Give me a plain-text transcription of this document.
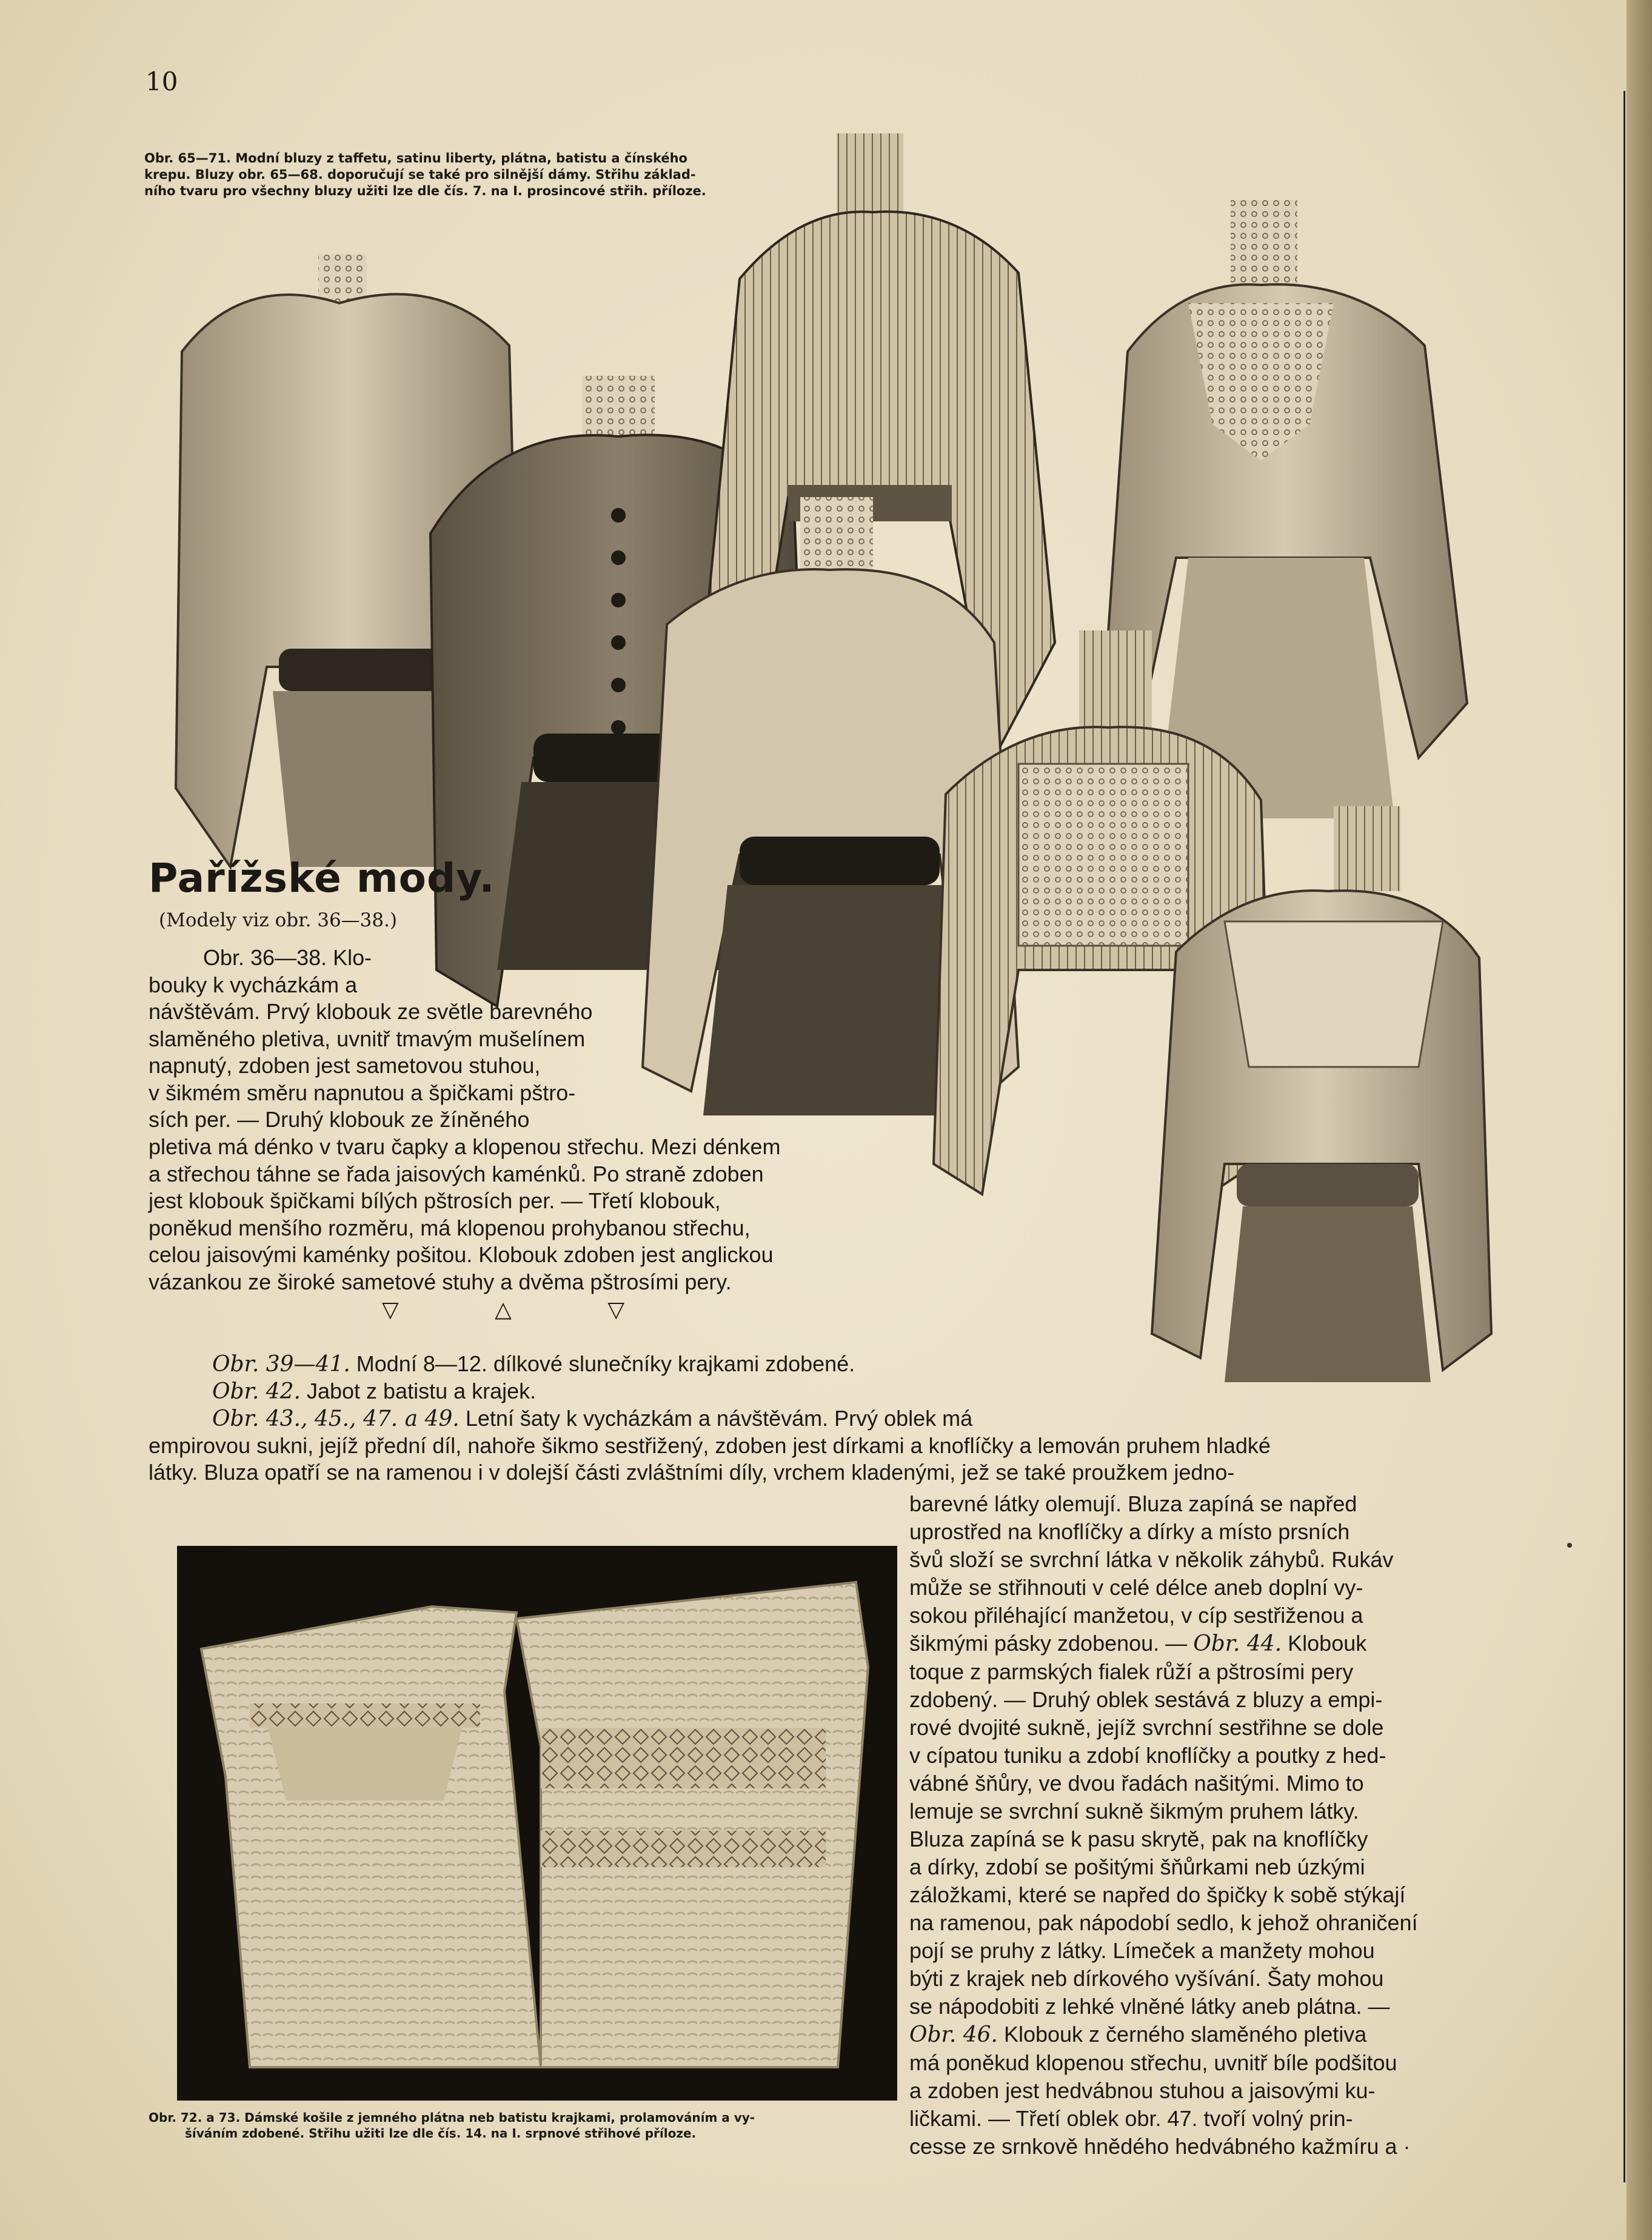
10

Obr. 65—71. Modní bluzy z taffetu, satinu liberty, plátna, batistu a čínského

krepu. Bluzy obr. 65—68. doporučují se také pro silnější dámy. Střihu základ-

ního tvaru pro všechny bluzy užiti lze dle čís. 7. na I. prosincové střih. příloze.

Pařížské mody.
(Modely viz obr. 36—38.)

Obr. 36—38. Klo-

bouky k vycházkám a

návštěvám. Prvý klobouk ze světle barevného

slaměného pletiva, uvnitř tmavým mušelínem

napnutý, zdoben jest sametovou stuhou,

v šikmém směru napnutou a špičkami pštro-

sích per. — Druhý klobouk ze žíněného

pletiva má dénko v tvaru čapky a klopenou střechu. Mezi dénkem

a střechou táhne se řada jaisových kaménků. Po straně zdoben

jest klobouk špičkami bílých pštrosích per. — Třetí klobouk,

poněkud menšího rozměru, má klopenou prohybanou střechu,

celou jaisovými kaménky pošitou. Klobouk zdoben jest anglickou

vázankou ze široké sametové stuhy a dvěma pštrosími pery.

▽	△	▽

Obr. 39—41. Modní 8—12. dílkové slunečníky krajkami zdobené.

Obr. 42. Jabot z batistu a krajek.

Obr. 43., 45., 47. a 49. Letní šaty k vycházkám a návštěvám. Prvý oblek má

empirovou sukni, jejíž přední díl, nahoře šikmo sestřižený, zdoben jest dírkami a knoflíčky a lemován pruhem hladké

látky. Bluza opatří se na ramenou i v dolejší části zvláštními díly, vrchem kladenými, jež se také proužkem jedno-

Obr. 72. a 73. Dámské košile z jemného plátna neb batistu krajkami, prolamováním a vy-

šíváním zdobené. Střihu užiti lze dle čís. 14. na I. srpnové střihové příloze.

barevné látky olemují. Bluza zapíná se napřed

uprostřed na knoflíčky a dírky a místo prsních

švů složí se svrchní látka v několik záhybů. Rukáv

může se střihnouti v celé délce aneb doplní vy-

sokou přiléhající manžetou, v cíp sestřiženou a

šikmými pásky zdobenou. — Obr. 44. Klobouk

toque z parmských fialek růží a pštrosími pery

zdobený. — Druhý oblek sestává z bluzy a empi-

rové dvojité sukně, jejíž svrchní sestřihne se dole

v cípatou tuniku a zdobí knoflíčky a poutky z hed-

vábné šňůry, ve dvou řadách našitými. Mimo to

lemuje se svrchní sukně šikmým pruhem látky.

Bluza zapíná se k pasu skrytě, pak na knoflíčky

a dírky, zdobí se pošitými šňůrkami neb úzkými

záložkami, které se napřed do špičky k sobě stýkají

na ramenou, pak nápodobí sedlo, k jehož ohraničení

pojí se pruhy z látky. Límeček a manžety mohou

býti z krajek neb dírkového vyšívání. Šaty mohou

se nápodobiti z lehké vlněné látky aneb plátna. —

Obr. 46. Klobouk z černého slaměného pletiva

má poněkud klopenou střechu, uvnitř bíle podšitou

a zdoben jest hedvábnou stuhou a jaisovými ku-

ličkami. — Třetí oblek obr. 47. tvoří volný prin-

cesse ze srnkově hnědého hedvábného kažmíru a ·
